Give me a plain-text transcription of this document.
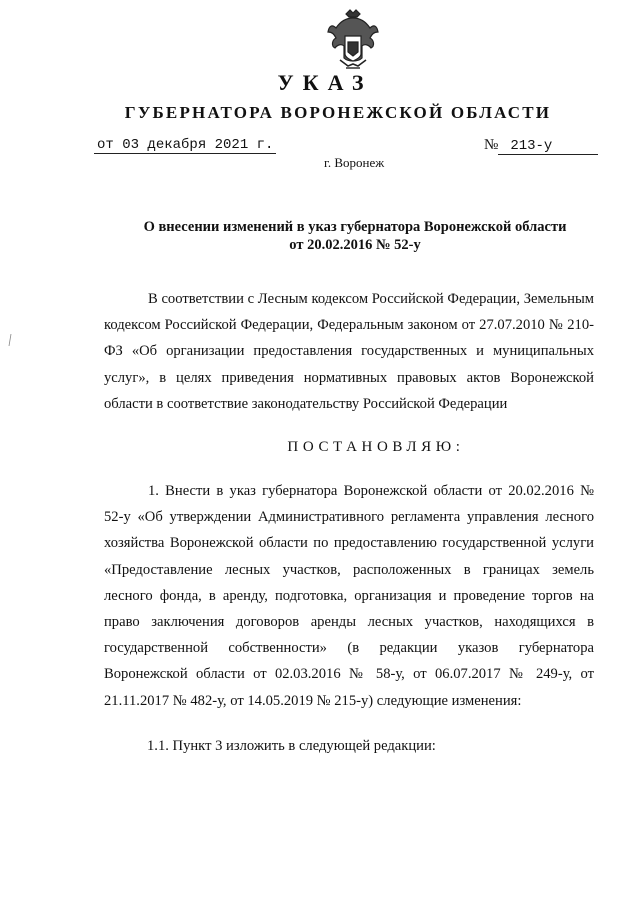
УКАЗ
ГУБЕРНАТОРА ВОРОНЕЖСКОЙ ОБЛАСТИ
от 03 декабря 2021 г.	№ 213-у
г. Воронеж
О внесении изменений в указ губернатора Воронежской области
от 20.02.2016 № 52-у
В соответствии с Лесным кодексом Российской Федерации, Земельным кодексом Российской Федерации, Федеральным законом от 27.07.2010 № 210-ФЗ «Об организации предоставления государственных и муниципальных услуг», в целях приведения нормативных правовых актов Воронежской области в соответствие законодательству Российской Федерации
ПОСТАНОВЛЯЮ:
1. Внести в указ губернатора Воронежской области от 20.02.2016 № 52-у «Об утверждении Административного регламента управления лесного хозяйства Воронежской области по предоставлению государственной услуги «Предоставление лесных участков, расположенных в границах земель лесного фонда, в аренду, подготовка, организация и проведение торгов на право заключения договоров аренды лесных участков, находящихся в государственной собственности» (в редакции указов губернатора Воронежской области от 02.03.2016 № 58-у, от 06.07.2017 № 249-у, от 21.11.2017 № 482-у, от 14.05.2019 № 215-у) следующие изменения:
1.1. Пункт 3 изложить в следующей редакции:
